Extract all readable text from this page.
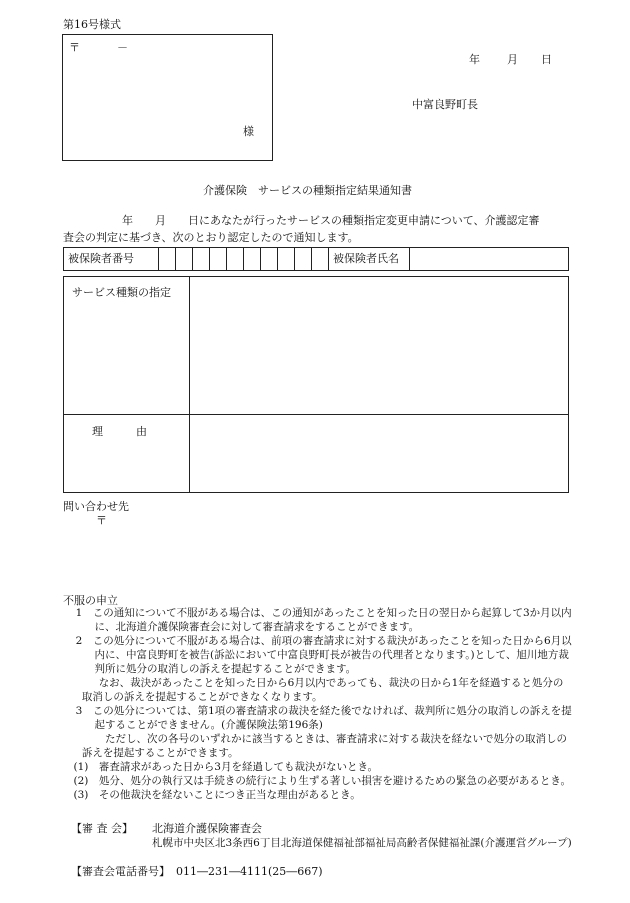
第16号様式
〒	－
様
年 月 日
中富良野町長
介護保険　サービスの種類指定結果通知書
年　　月　　日にあなたが行ったサービスの種類指定変更申請について、介護認定審
査会の判定に基づき、次のとおり認定したので通知します。
被保険者番号											被保険者氏名	
サービス種類の指定
理　　　由
問い合わせ先
〒
不服の申立
1　この通知について不服がある場合は、この通知があったことを知った日の翌日から起算して3か月以内に、北海道介護保険審査会に対して審査請求をすることができます。
2　この処分について不服がある場合は、前項の審査請求に対する裁決があったことを知った日から6月以内に、中富良野町を被告(訴訟において中富良野町長が被告の代理者となります。)として、旭川地方裁判所に処分の取消しの訴えを提起することができます。
なお、裁決があったことを知った日から6月以内であっても、裁決の日から1年を経過すると処分の取消しの訴えを提起することができなくなります。
3　この処分については、第1項の審査請求の裁決を経た後でなければ、裁判所に処分の取消しの訴えを提起することができません。(介護保険法第196条)
ただし、次の各号のいずれかに該当するときは、審査請求に対する裁決を経ないで処分の取消しの訴えを提起することができます。
(1)　審査請求があった日から3月を経過しても裁決がないとき。
(2)　処分、処分の執行又は手続きの続行により生ずる著しい損害を避けるための緊急の必要があるとき。
(3)　その他裁決を経ないことにつき正当な理由があるとき。
【審 査 会】 北海道介護保険審査会
札幌市中央区北3条西6丁目北海道保健福祉部福祉局高齢者保健福祉課(介護運営グループ)
【審査会電話番号】 011―231―4111(25―667)
